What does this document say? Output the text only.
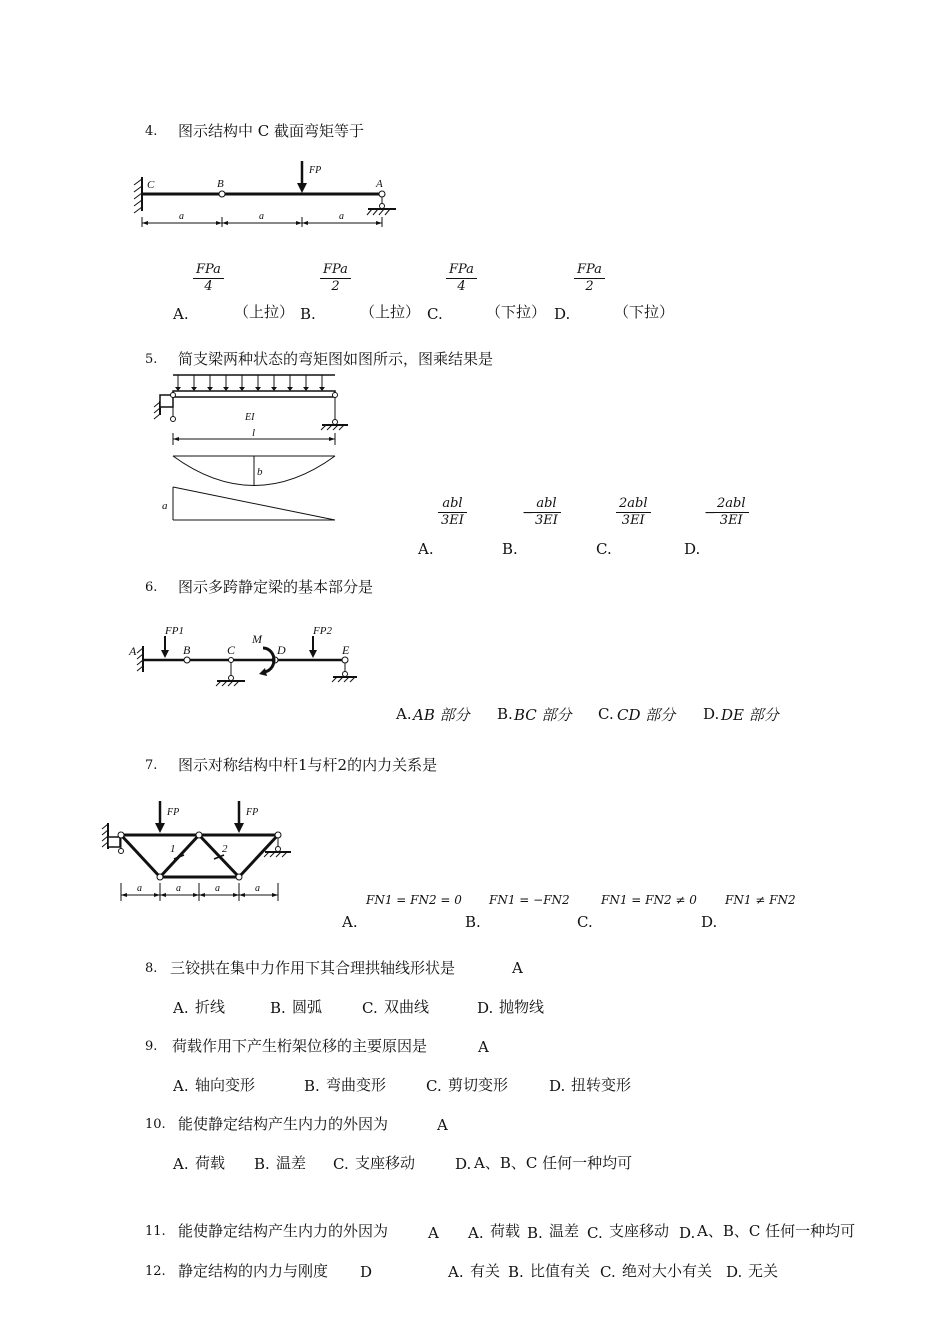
4. 图示结构中 C 截面弯矩等于
C	B	A
FP
a	a	a
A.
FPa
4
（上拉） B.
FPa
2
（上拉） C.
FPa
4
（下拉） D.
FPa
2
（下拉）
5. 简支梁两种状态的弯矩图如图所示，图乘结果是
EI
l
b
a
A.
abl
3EI
B.
−
abl
3EI
C.
2abl
3EI
D.
−
2abl
3EI
6. 图示多跨静定梁的基本部分是
A	B	C	D	E
M
FP1	FP2
A. AB 部分 B. BC 部分 C. CD 部分 D. DE 部分
7. 图示对称结构中杆1与杆2的内力关系是
FP	FP
1	2
a	a	a	a
A.
FN1 = FN2 = 0
B.
FN1 = −FN2
C.
FN1 = FN2 ≠ 0
D.
FN1 ≠ FN2
8. 三铰拱在集中力作用下其合理拱轴线形状是	A
A. 折线	B. 圆弧	C. 双曲线	D. 抛物线
9. 荷载作用下产生桁架位移的主要原因是	A
A. 轴向变形	B. 弯曲变形	C. 剪切变形	D. 扭转变形
10. 能使静定结构产生内力的外因为	A
A. 荷载 B. 温差 C. 支座移动	D. A、B、C 任何一种均可
11. 能使静定结构产生内力的外因为	A A. 荷载 B. 温差 C. 支座移动 D. A、B、C 任何一种均可
12. 静定结构的内力与刚度 D	A. 有关 B. 比值有关 C. 绝对大小有关 D. 无关
